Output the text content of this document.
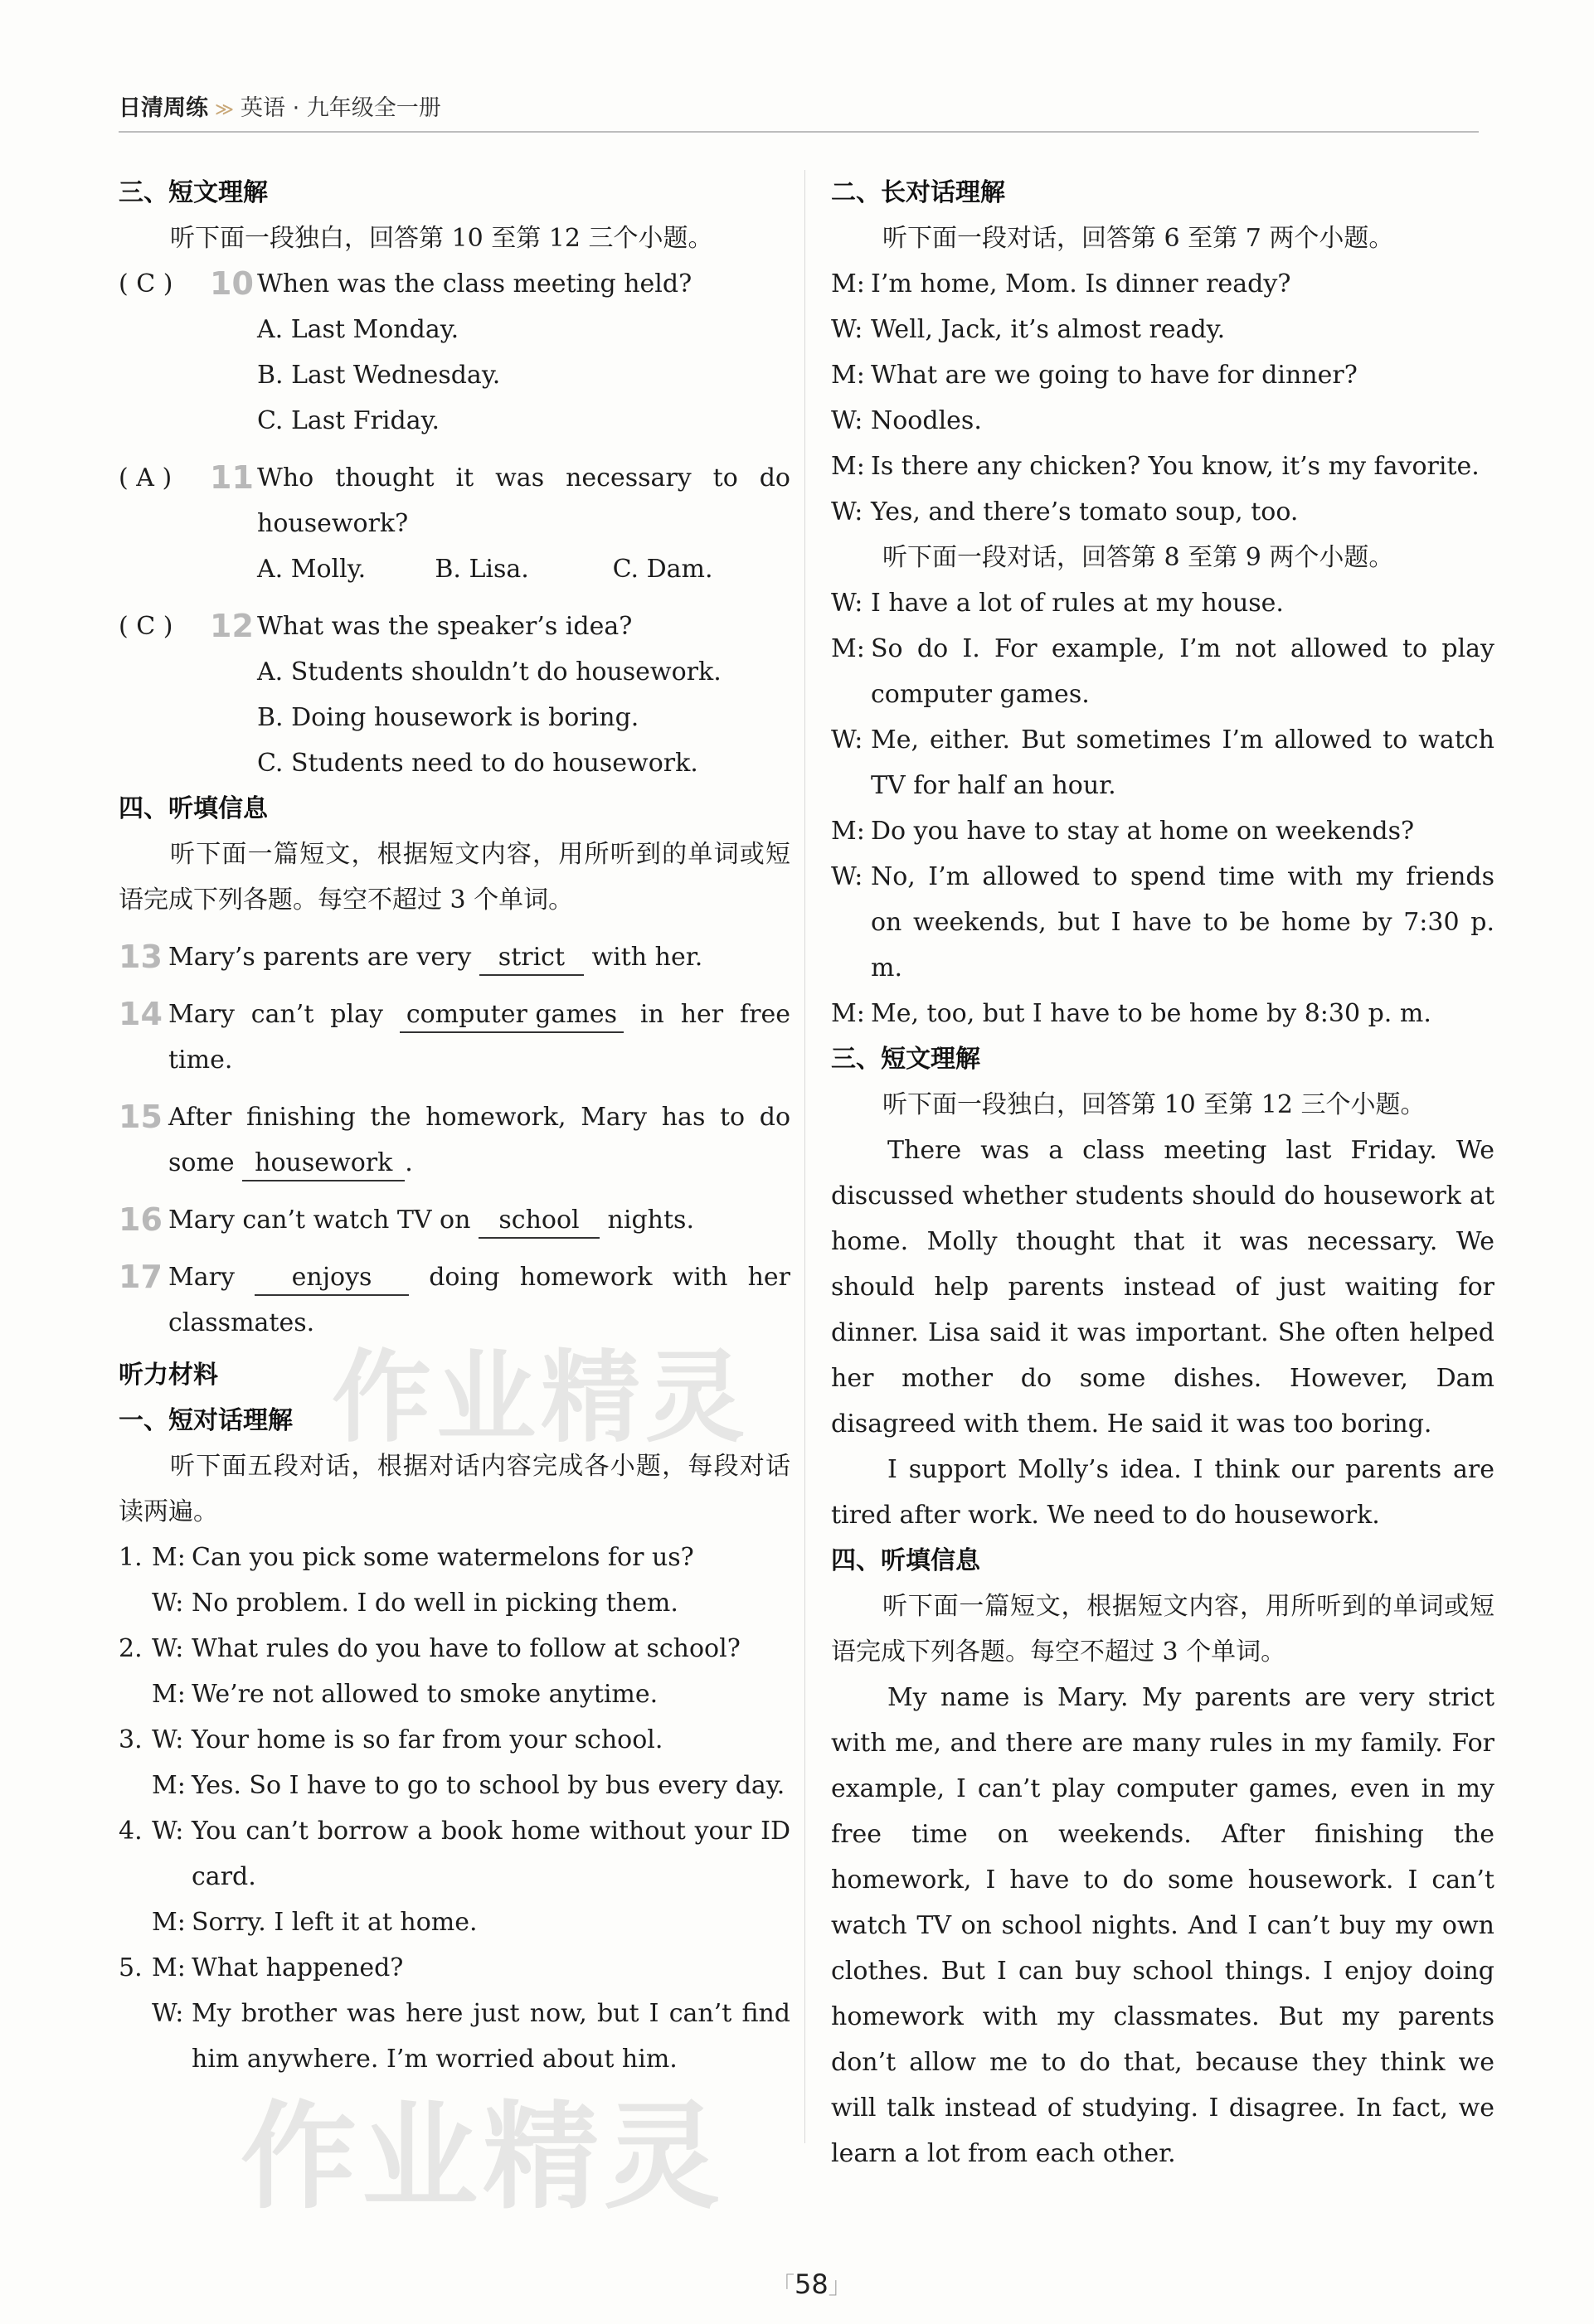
日清周练 ≫ 英语 · 九年级全一册
三、短文理解
听下面一段独白，回答第 10 至第 12 三个小题。
( C )	10 When was the class meeting held?
A. Last Monday.
B. Last Wednesday.
C. Last Friday.
( A )	11 Who thought it was necessary to do housework?
A. Molly.	B. Lisa.	C. Dam.
( C )	12 What was the speaker’s idea?
A. Students shouldn’t do housework.
B. Doing housework is boring.
C. Students need to do housework.
四、听填信息
听下面一篇短文，根据短文内容，用所听到的单词或短语完成下列各题。每空不超过 3 个单词。
13 Mary’s parents are very strict with her.
14 Mary can’t play computer games in her free time.
15 After finishing the homework, Mary has to do some housework .
16 Mary can’t watch TV on school nights.
17 Mary enjoys doing homework with her classmates.
听力材料
一、短对话理解
听下面五段对话，根据对话内容完成各小题，每段对话读两遍。
1. M: Can you pick some watermelons for us?
W: No problem. I do well in picking them.
2. W: What rules do you have to follow at school?
M: We’re not allowed to smoke anytime.
3. W: Your home is so far from your school.
M: Yes. So I have to go to school by bus every day.
4. W: You can’t borrow a book home without your ID card.
M: Sorry. I left it at home.
5. M: What happened?
W: My brother was here just now, but I can’t find him anywhere. I’m worried about him.
二、长对话理解
听下面一段对话，回答第 6 至第 7 两个小题。
M: I’m home, Mom. Is dinner ready?
W: Well, Jack, it’s almost ready.
M: What are we going to have for dinner?
W: Noodles.
M: Is there any chicken? You know, it’s my favorite.
W: Yes, and there’s tomato soup, too.
听下面一段对话，回答第 8 至第 9 两个小题。
W: I have a lot of rules at my house.
M: So do I. For example, I’m not allowed to play computer games.
W: Me, either. But sometimes I’m allowed to watch TV for half an hour.
M: Do you have to stay at home on weekends?
W: No, I’m allowed to spend time with my friends on weekends, but I have to be home by 7:30 p. m.
M: Me, too, but I have to be home by 8:30 p. m.
三、短文理解
听下面一段独白，回答第 10 至第 12 三个小题。
There was a class meeting last Friday. We discussed whether students should do housework at home. Molly thought that it was necessary. We should help parents instead of just waiting for dinner. Lisa said it was important. She often helped her mother do some dishes. However, Dam disagreed with them. He said it was too boring.
I support Molly’s idea. I think our parents are tired after work. We need to do housework.
四、听填信息
听下面一篇短文，根据短文内容，用所听到的单词或短语完成下列各题。每空不超过 3 个单词。
My name is Mary. My parents are very strict with me, and there are many rules in my family. For example, I can’t play computer games, even in my free time on weekends. After finishing the homework, I have to do some housework. I can’t watch TV on school nights. And I can’t buy my own clothes. But I can buy school things. I enjoy doing homework with my classmates. But my parents don’t allow me to do that, because they think we will talk instead of studying. I disagree. In fact, we learn a lot from each other.
作业精灵
作业精灵
「58」
